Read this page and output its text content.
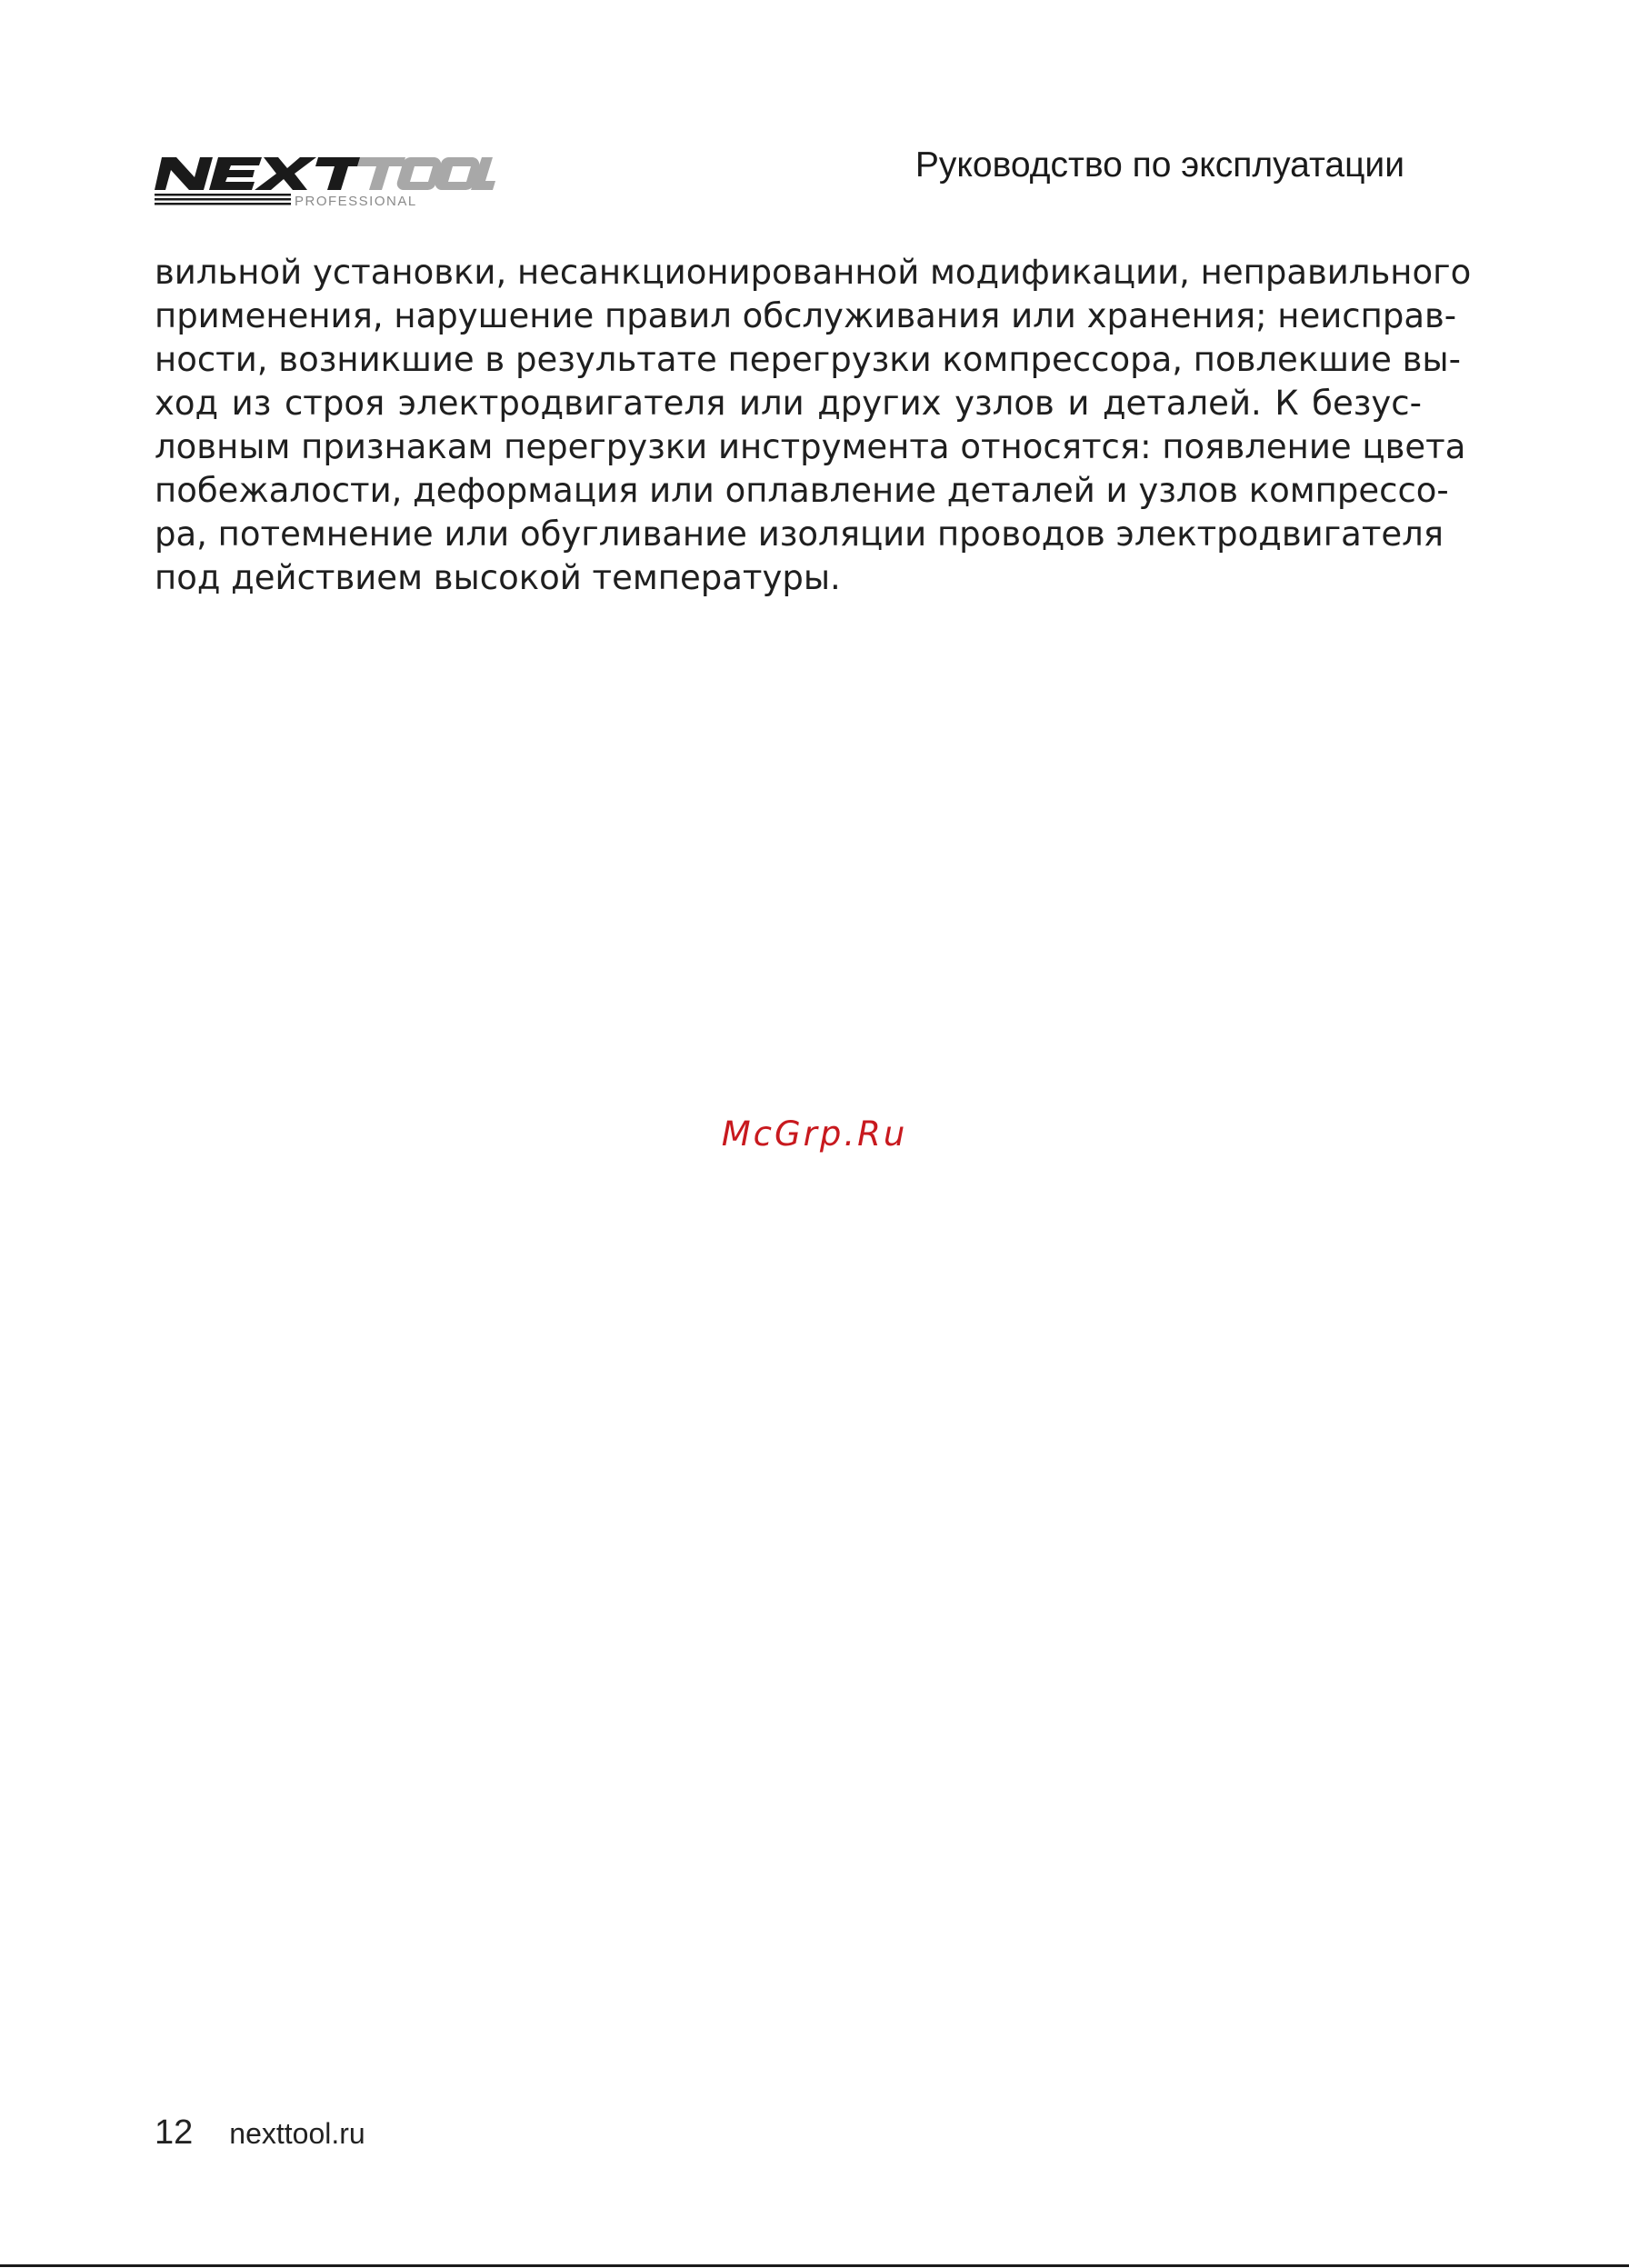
PROFESSIONAL
Руководство по эксплуатации
вильной установки, несанкционированной модификации, неправильного
применения, нарушение правил обслуживания или хранения; неисправ-
ности, возникшие в результате перегрузки компрессора, повлекшие вы-
ход из строя электродвигателя или других узлов и деталей. К безус-
ловным признакам перегрузки инструмента относятся: появление цвета
побежалости, деформация или оплавление деталей и узлов компрессо-
ра, потемнение или обугливание изоляции проводов электродвигателя
под действием высокой температуры.
McGrp.Ru
12 nexttool.ru
